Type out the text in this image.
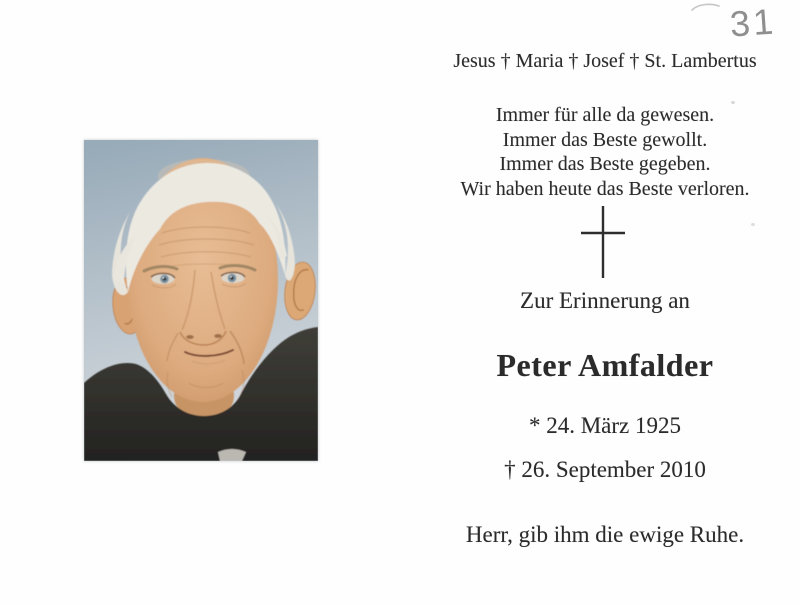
Jesus † Maria † Josef † St. Lambertus
Immer für alle da gewesen.
Immer das Beste gewollt.
Immer das Beste gegeben.
Wir haben heute das Beste verloren.
Zur Erinnerung an
Peter Amfalder
* 24. März 1925
† 26. September 2010
Herr, gib ihm die ewige Ruhe.
31
